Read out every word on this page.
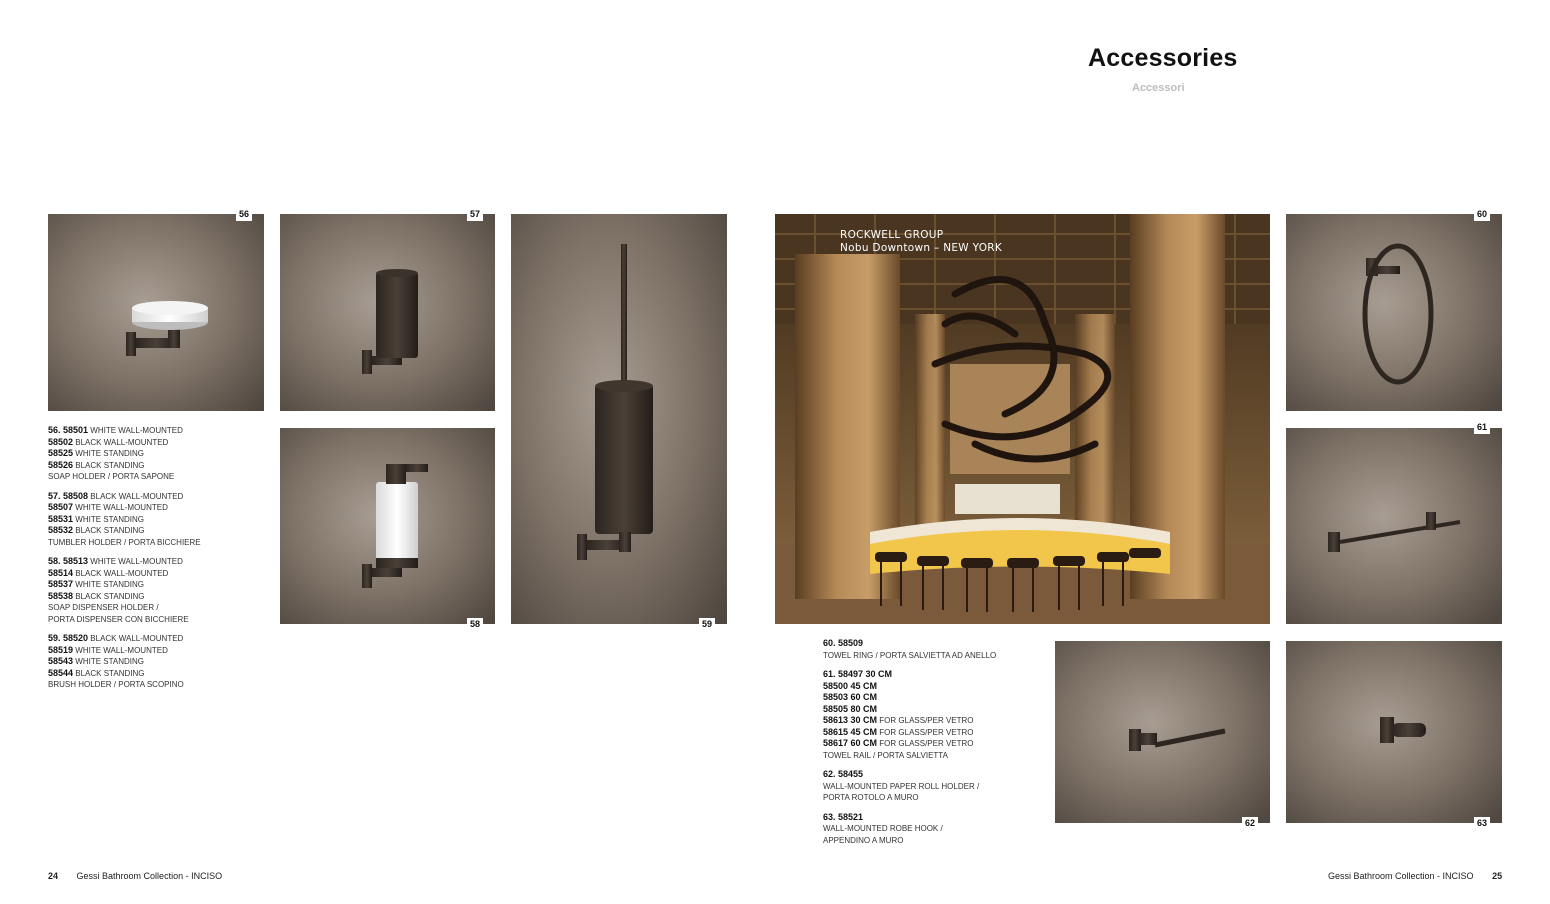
Accessories
Accessori
56	57
58	59
ROCKWELL GROUP
Nobu Downtown – NEW YORK
60
61
62	63
56. 58501 WHITE WALL-MOUNTED
58502 BLACK WALL-MOUNTED
58525 WHITE STANDING
58526 BLACK STANDING
SOAP HOLDER / PORTA SAPONE
57. 58508 BLACK WALL-MOUNTED
58507 WHITE WALL-MOUNTED
58531 WHITE STANDING
58532 BLACK STANDING
TUMBLER HOLDER / PORTA BICCHIERE
58. 58513 WHITE WALL-MOUNTED
58514 BLACK WALL-MOUNTED
58537 WHITE STANDING
58538 BLACK STANDING
SOAP DISPENSER HOLDER /
PORTA DISPENSER CON BICCHIERE
59. 58520 BLACK WALL-MOUNTED
58519 WHITE WALL-MOUNTED
58543 WHITE STANDING
58544 BLACK STANDING
BRUSH HOLDER / PORTA SCOPINO
60. 58509
TOWEL RING / PORTA SALVIETTA AD ANELLO
61. 58497 30 CM
58500 45 CM
58503 60 CM
58505 80 CM
58613 30 CM FOR GLASS/PER VETRO
58615 45 CM FOR GLASS/PER VETRO
58617 60 CM FOR GLASS/PER VETRO
TOWEL RAIL / PORTA SALVIETTA
62. 58455
WALL-MOUNTED PAPER ROLL HOLDER /
PORTA ROTOLO A MURO
63. 58521
WALL-MOUNTED ROBE HOOK /
APPENDINO A MURO
24 Gessi Bathroom Collection - INCISO	Gessi Bathroom Collection - INCISO 25
